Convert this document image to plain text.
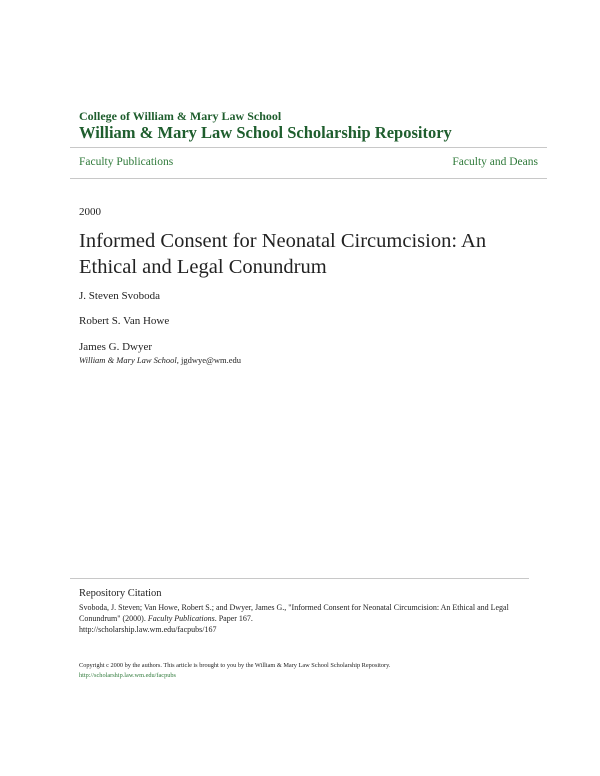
College of William & Mary Law School
William & Mary Law School Scholarship Repository
Faculty Publications	Faculty and Deans
2000
Informed Consent for Neonatal Circumcision: An Ethical and Legal Conundrum
J. Steven Svoboda
Robert S. Van Howe
James G. Dwyer
William & Mary Law School, jgdwye@wm.edu
Repository Citation
Svoboda, J. Steven; Van Howe, Robert S.; and Dwyer, James G., "Informed Consent for Neonatal Circumcision: An Ethical and Legal Conundrum" (2000). Faculty Publications. Paper 167.
http://scholarship.law.wm.edu/facpubs/167
Copyright c 2000 by the authors. This article is brought to you by the William & Mary Law School Scholarship Repository.
http://scholarship.law.wm.edu/facpubs
